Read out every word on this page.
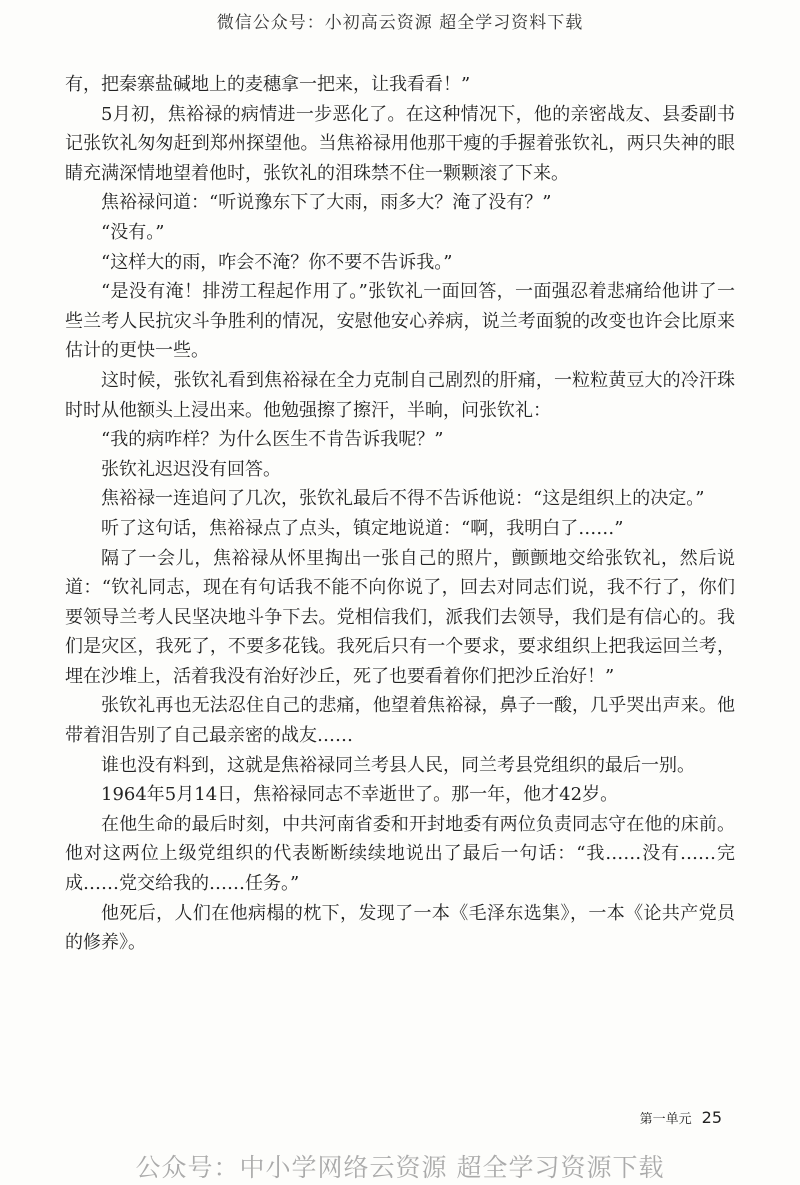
微信公众号：小初高云资源 超全学习资料下载

有，把秦寨盐碱地上的麦穗拿一把来，让我看看！”

5月初，焦裕禄的病情进一步恶化了。在这种情况下，他的亲密战友、县委副书记张钦礼匆匆赶到郑州探望他。当焦裕禄用他那干瘦的手握着张钦礼，两只失神的眼睛充满深情地望着他时，张钦礼的泪珠禁不住一颗颗滚了下来。

焦裕禄问道：“听说豫东下了大雨，雨多大？淹了没有？”

“没有。”

“这样大的雨，咋会不淹？你不要不告诉我。”

“是没有淹！排涝工程起作用了。”张钦礼一面回答，一面强忍着悲痛给他讲了一些兰考人民抗灾斗争胜利的情况，安慰他安心养病，说兰考面貌的改变也许会比原来估计的更快一些。

这时候，张钦礼看到焦裕禄在全力克制自己剧烈的肝痛，一粒粒黄豆大的冷汗珠时时从他额头上浸出来。他勉强擦了擦汗，半晌，问张钦礼：

“我的病咋样？为什么医生不肯告诉我呢？”

张钦礼迟迟没有回答。

焦裕禄一连追问了几次，张钦礼最后不得不告诉他说：“这是组织上的决定。”

听了这句话，焦裕禄点了点头，镇定地说道：“啊，我明白了……”

隔了一会儿，焦裕禄从怀里掏出一张自己的照片，颤颤地交给张钦礼，然后说道：“钦礼同志，现在有句话我不能不向你说了，回去对同志们说，我不行了，你们要领导兰考人民坚决地斗争下去。党相信我们，派我们去领导，我们是有信心的。我们是灾区，我死了，不要多花钱。我死后只有一个要求，要求组织上把我运回兰考，埋在沙堆上，活着我没有治好沙丘，死了也要看着你们把沙丘治好！”

张钦礼再也无法忍住自己的悲痛，他望着焦裕禄，鼻子一酸，几乎哭出声来。他带着泪告别了自己最亲密的战友……

谁也没有料到，这就是焦裕禄同兰考县人民，同兰考县党组织的最后一别。

1964年5月14日，焦裕禄同志不幸逝世了。那一年，他才42岁。

在他生命的最后时刻，中共河南省委和开封地委有两位负责同志守在他的床前。他对这两位上级党组织的代表断断续续地说出了最后一句话：“我……没有……完成……党交给我的……任务。”

他死后，人们在他病榻的枕下，发现了一本《毛泽东选集》，一本《论共产党员的修养》。

第一单元 25
公众号：中小学网络云资源 超全学习资源下载
